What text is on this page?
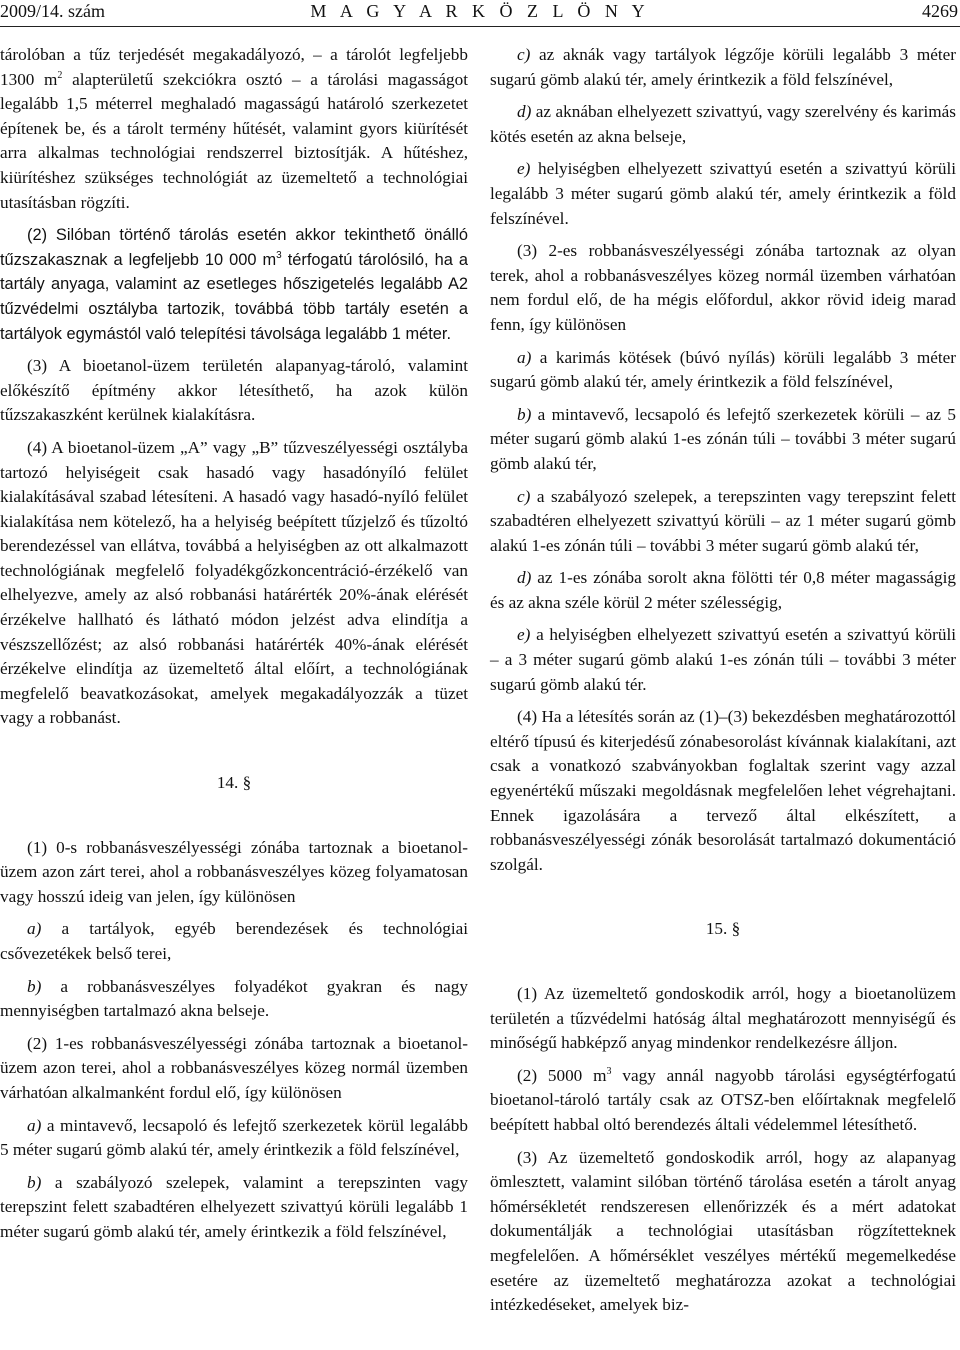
2009/14. szám	M A G Y A R K Ö Z L Ö N Y	4269

tárolóban a tűz terjedését megakadályozó, – a tárolót legfeljebb 1300 $m^2$ alapterületű szekciókra osztó – a tárolási magasságot legalább 1,5 méterrel meghaladó magasságú határoló szerkezetet építenek be, és a tárolt termény hűtését, valamint gyors kiürítését arra alkalmas technológiai rendszerrel biztosítják. A hűtéshez, kiürítéshez szükséges technológiát az üzemeltető a technológiai utasításban rögzíti.

(2) Silóban történő tárolás esetén akkor tekinthető önálló tűzszakasznak a legfeljebb 10 000 $m^3$ térfogatú tárolósiló, ha a tartály anyaga, valamint az esetleges hőszigetelés legalább A2 tűzvédelmi osztályba tartozik, továbbá több tartály esetén a tartályok egymástól való telepítési távolsága legalább 1 méter.

(3) A bioetanol-üzem területén alapanyag-tároló, valamint előkészítő építmény akkor létesíthető, ha azok külön tűzszakaszként kerülnek kialakításra.

(4) A bioetanol-üzem „A” vagy „B” tűzveszélyességi osztályba tartozó helyiségeit csak hasadó vagy hasadónyíló felület kialakításával szabad létesíteni. A hasadó vagy hasadó-nyíló felület kialakítása nem kötelező, ha a helyiség beépített tűzjelző és tűzoltó berendezéssel van ellátva, továbbá a helyiségben az ott alkalmazott technológiának megfelelő folyadékgőzkoncentráció-érzékelő van elhelyezve, amely az alsó robbanási határérték 20%-ának elérését érzékelve hallható és látható módon jelzést adva elindítja a vészszellőzést; az alsó robbanási határérték 40%-ának elérését érzékelve elindítja az üzemeltető által előírt, a technológiának megfelelő beavatkozásokat, amelyek megakadályozzák a tüzet vagy a robbanást.

14. §

(1) 0-s robbanásveszélyességi zónába tartoznak a bioetanol-üzem azon zárt terei, ahol a robbanásveszélyes közeg folyamatosan vagy hosszú ideig van jelen, így különösen

a) a tartályok, egyéb berendezések és technológiai csővezetékek belső terei,

b) a robbanásveszélyes folyadékot gyakran és nagy mennyiségben tartalmazó akna belseje.

(2) 1-es robbanásveszélyességi zónába tartoznak a bioetanol-üzem azon terei, ahol a robbanásveszélyes közeg normál üzemben várhatóan alkalmanként fordul elő, így különösen

a) a mintavevő, lecsapoló és lefejtő szerkezetek körül legalább 5 méter sugarú gömb alakú tér, amely érintkezik a föld felszínével,

b) a szabályozó szelepek, valamint a terepszinten vagy terepszint felett szabadtéren elhelyezett szivattyú körüli legalább 1 méter sugarú gömb alakú tér, amely érintkezik a föld felszínével,

c) az aknák vagy tartályok légzője körüli legalább 3 méter sugarú gömb alakú tér, amely érintkezik a föld felszínével,

d) az aknában elhelyezett szivattyú, vagy szerelvény és karimás kötés esetén az akna belseje,

e) helyiségben elhelyezett szivattyú esetén a szivattyú körüli legalább 3 méter sugarú gömb alakú tér, amely érintkezik a föld felszínével.

(3) 2-es robbanásveszélyességi zónába tartoznak az olyan terek, ahol a robbanásveszélyes közeg normál üzemben várhatóan nem fordul elő, de ha mégis előfordul, akkor rövid ideig marad fenn, így különösen

a) a karimás kötések (búvó nyílás) körüli legalább 3 méter sugarú gömb alakú tér, amely érintkezik a föld felszínével,

b) a mintavevő, lecsapoló és lefejtő szerkezetek körüli – az 5 méter sugarú gömb alakú 1-es zónán túli – további 3 méter sugarú gömb alakú tér,

c) a szabályozó szelepek, a terepszinten vagy terepszint felett szabadtéren elhelyezett szivattyú körüli – az 1 méter sugarú gömb alakú 1-es zónán túli – további 3 méter sugarú gömb alakú tér,

d) az 1-es zónába sorolt akna fölötti tér 0,8 méter magasságig és az akna széle körül 2 méter szélességig,

e) a helyiségben elhelyezett szivattyú esetén a szivattyú körüli – a 3 méter sugarú gömb alakú 1-es zónán túli – további 3 méter sugarú gömb alakú tér.

(4) Ha a létesítés során az (1)–(3) bekezdésben meghatározottól eltérő típusú és kiterjedésű zónabesorolást kívánnak kialakítani, azt csak a vonatkozó szabványokban foglaltak szerint vagy azzal egyenértékű műszaki megoldásnak megfelelően lehet végrehajtani. Ennek igazolására a tervező által elkészített, a robbanásveszélyességi zónák besorolását tartalmazó dokumentáció szolgál.

15. §

(1) Az üzemeltető gondoskodik arról, hogy a bioetanolüzem területén a tűzvédelmi hatóság által meghatározott mennyiségű és minőségű habképző anyag mindenkor rendelkezésre álljon.

(2) 5000 $m^3$ vagy annál nagyobb tárolási egységtérfogatú bioetanol-tároló tartály csak az OTSZ-ben előírtaknak megfelelő beépített habbal oltó berendezés általi védelemmel létesíthető.

(3) Az üzemeltető gondoskodik arról, hogy az alapanyag ömlesztett, valamint silóban történő tárolása esetén a tárolt anyag hőmérsékletét rendszeresen ellenőrizzék és a mért adatokat dokumentálják a technológiai utasításban rögzítetteknek megfelelően. A hőmérséklet veszélyes mértékű megemelkedése esetére az üzemeltető meghatározza azokat a technológiai intézkedéseket, amelyek biz-
